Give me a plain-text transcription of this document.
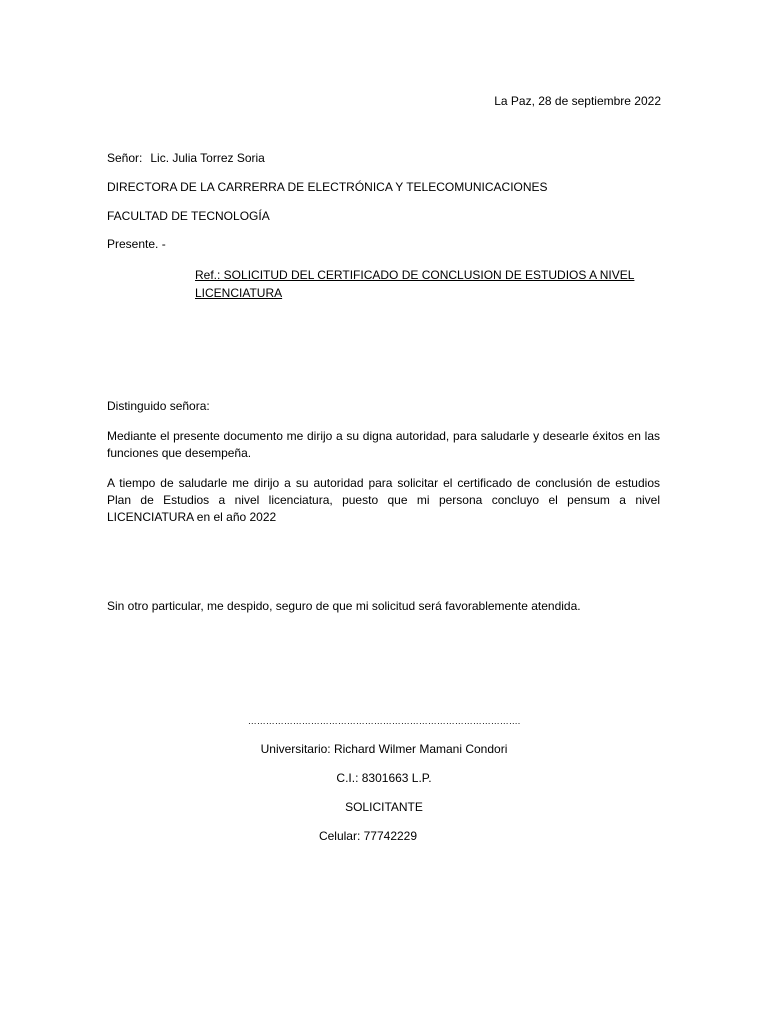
La Paz, 28 de septiembre 2022
Señor: Lic. Julia Torrez Soria
DIRECTORA DE LA CARRERRA DE ELECTRÓNICA Y TELECOMUNICACIONES
FACULTAD DE TECNOLOGÍA
Presente. -
Ref.: SOLICITUD DEL CERTIFICADO DE CONCLUSION DE ESTUDIOS A NIVEL
LICENCIATURA
Distinguido señora:
Mediante el presente documento me dirijo a su digna autoridad, para saludarle y desearle éxitos en las funciones que desempeña.
A tiempo de saludarle me dirijo a su autoridad para solicitar el certificado de conclusión de estudios Plan de Estudios a nivel licenciatura, puesto que mi persona concluyo el pensum a nivel LICENCIATURA en el año 2022
Sin otro particular, me despido, seguro de que mi solicitud será favorablemente atendida.
……………………………………………………………………………….
Universitario: Richard Wilmer Mamani Condori
C.I.: 8301663 L.P.
SOLICITANTE
Celular: 77742229
